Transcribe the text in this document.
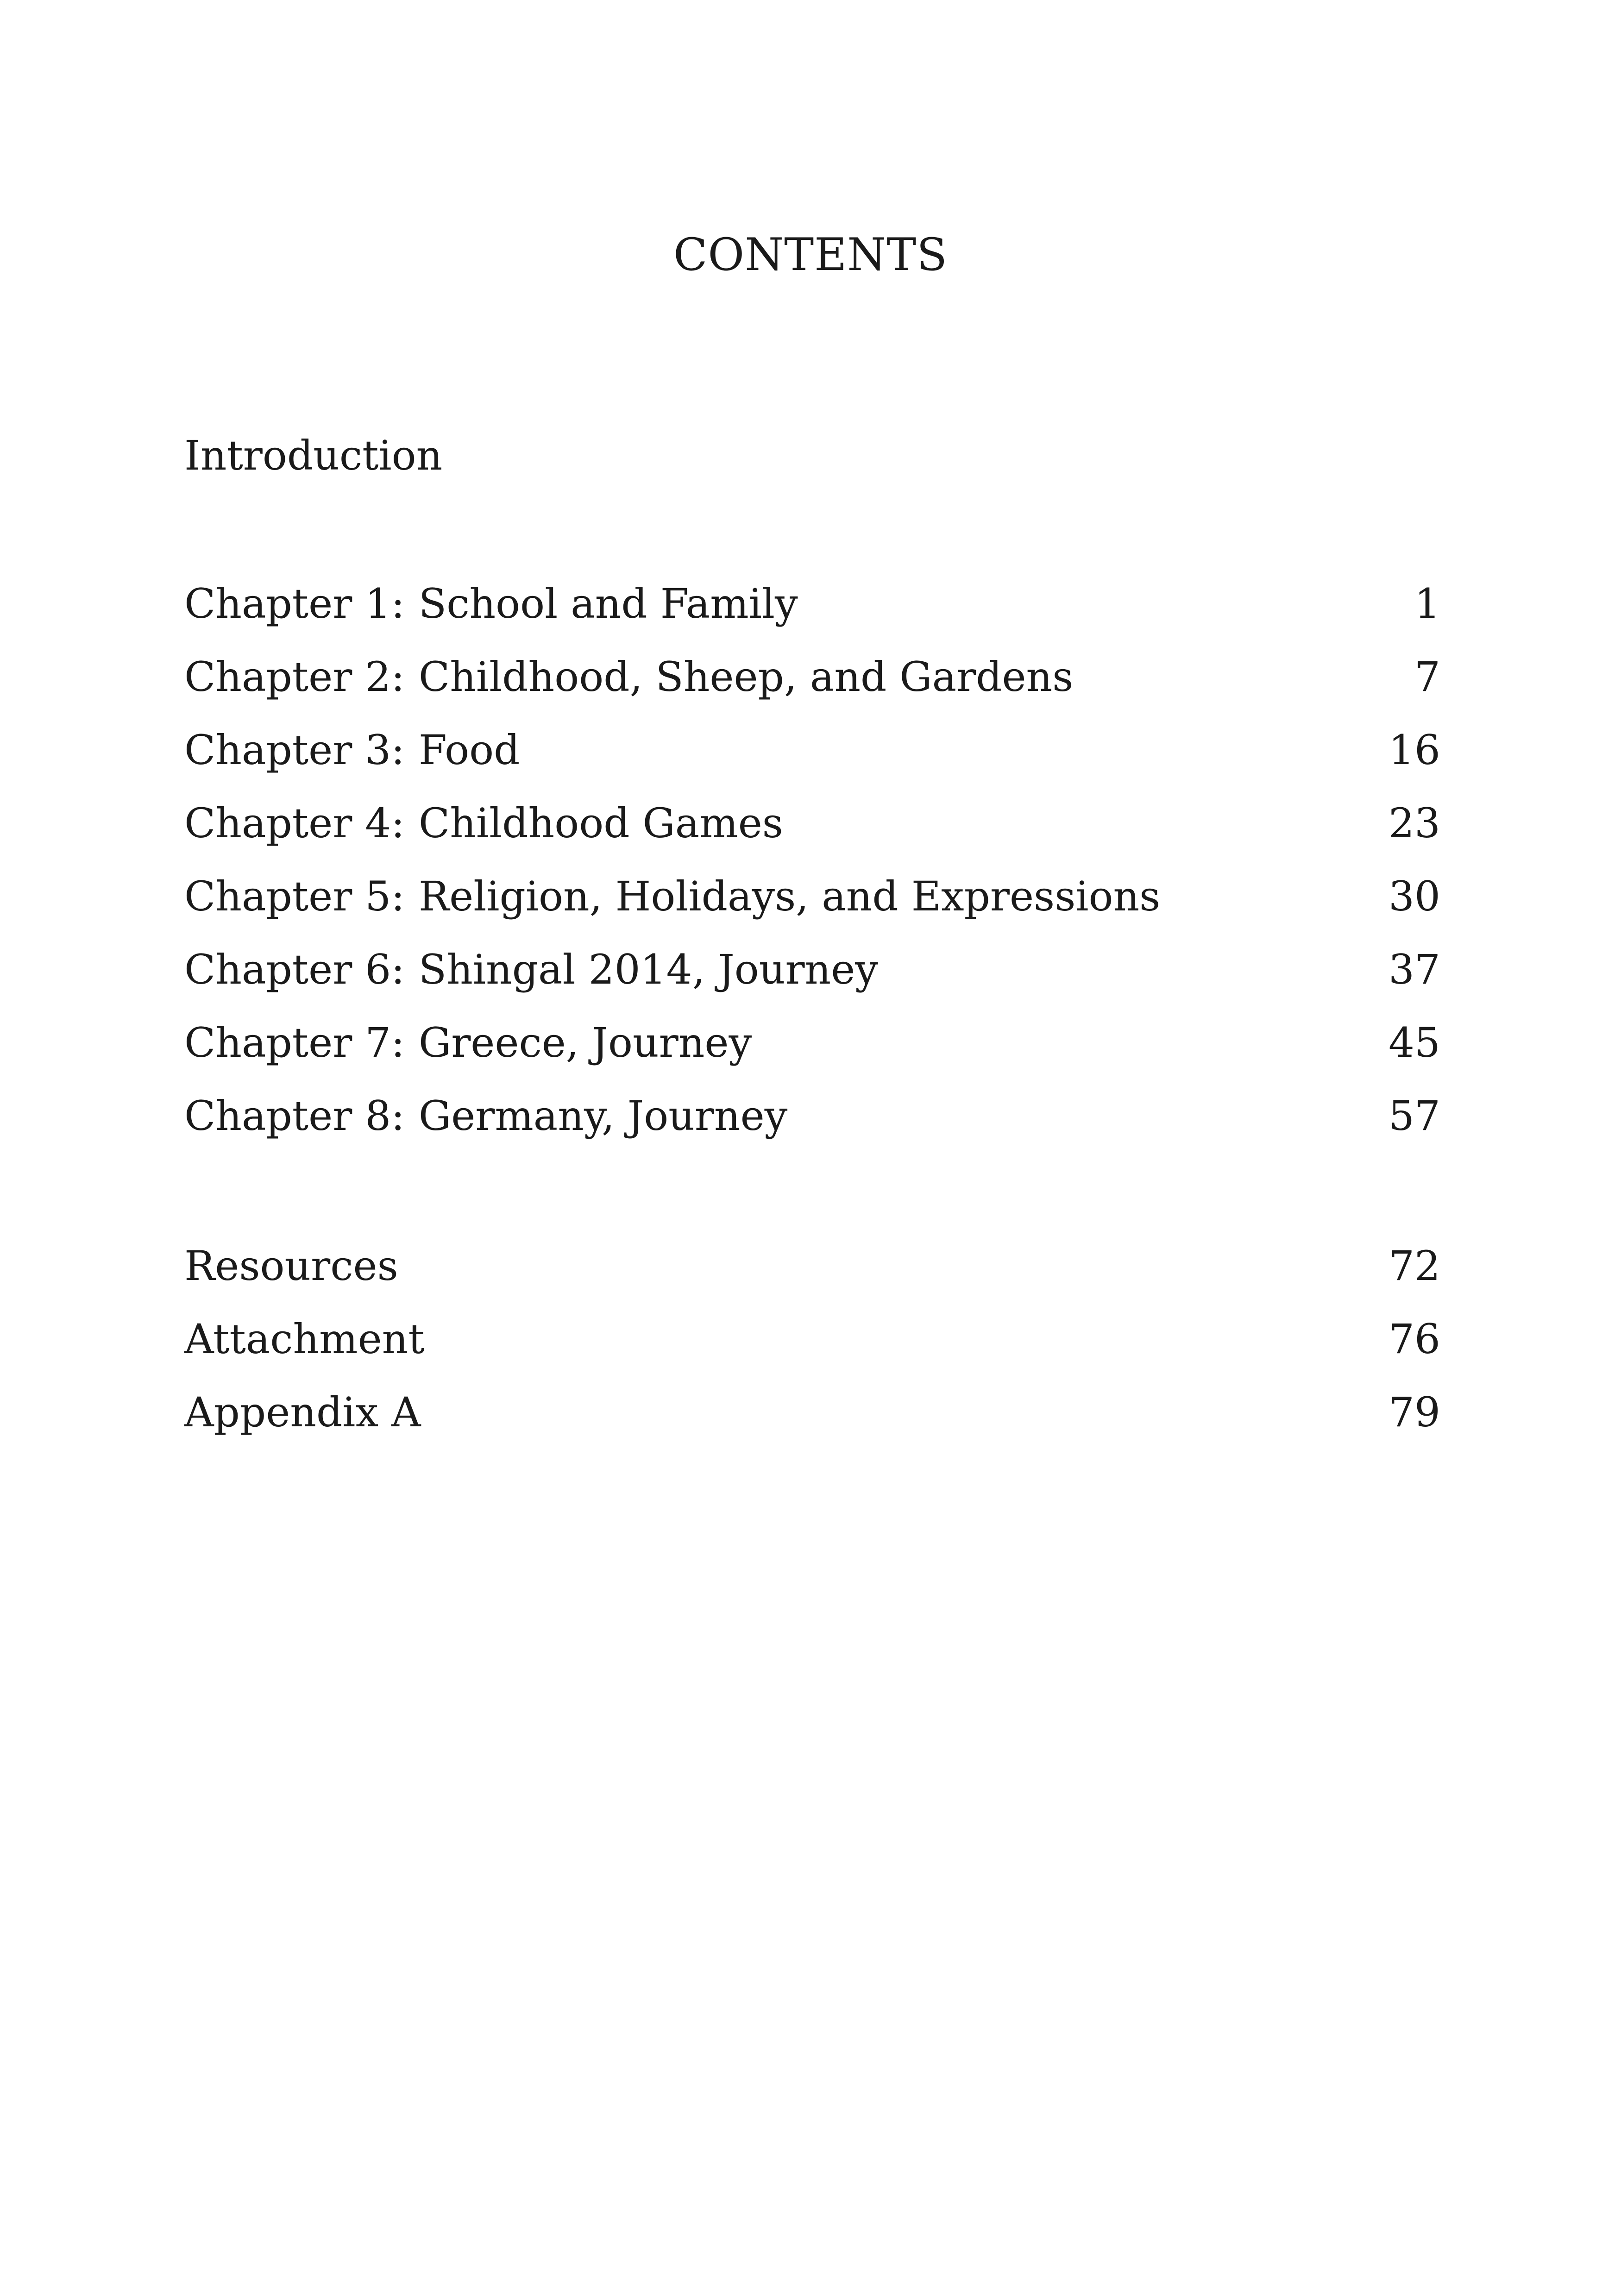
CONTENTS
Introduction
Chapter 1: School and Family	1
Chapter 2: Childhood, Sheep, and Gardens	7
Chapter 3: Food	16
Chapter 4: Childhood Games	23
Chapter 5: Religion, Holidays, and Expressions	30
Chapter 6: Shingal 2014, Journey	37
Chapter 7: Greece, Journey	45
Chapter 8: Germany, Journey	57
Resources	72
Attachment	76
Appendix A	79
